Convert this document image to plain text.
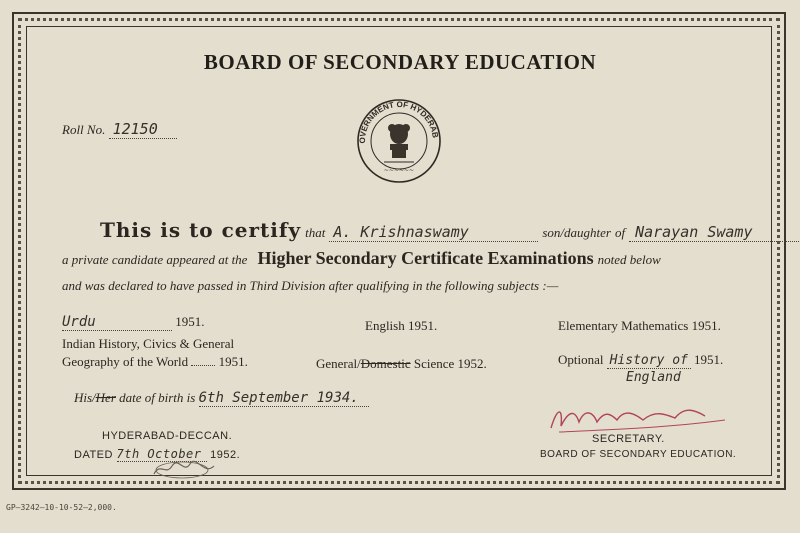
BOARD OF SECONDARY EDUCATION
Roll No. 12150
OVERNMENT OF HYDERAB
~~~~~~
This is to certify that A. Krishnaswamy	son/daughter of Narayan Swamy
a private candidate appeared at the Higher Secondary Certificate Examinations noted below
and was declared to have passed in Third Division after qualifying in the following subjects :—
Urdu	1951.	English 1951.	Elementary Mathematics 1951.
Indian History, Civics & General
Geography of the World 1951.	General/Domestic Science 1952.	Optional History of 1951.
England
His/Her date of birth is 6th September 1934.
HYDERABAD-DECCAN.
DATED 7th October 1952.
SECRETARY.
BOARD OF SECONDARY EDUCATION.
GP—3242—10-10-52—2,000.
